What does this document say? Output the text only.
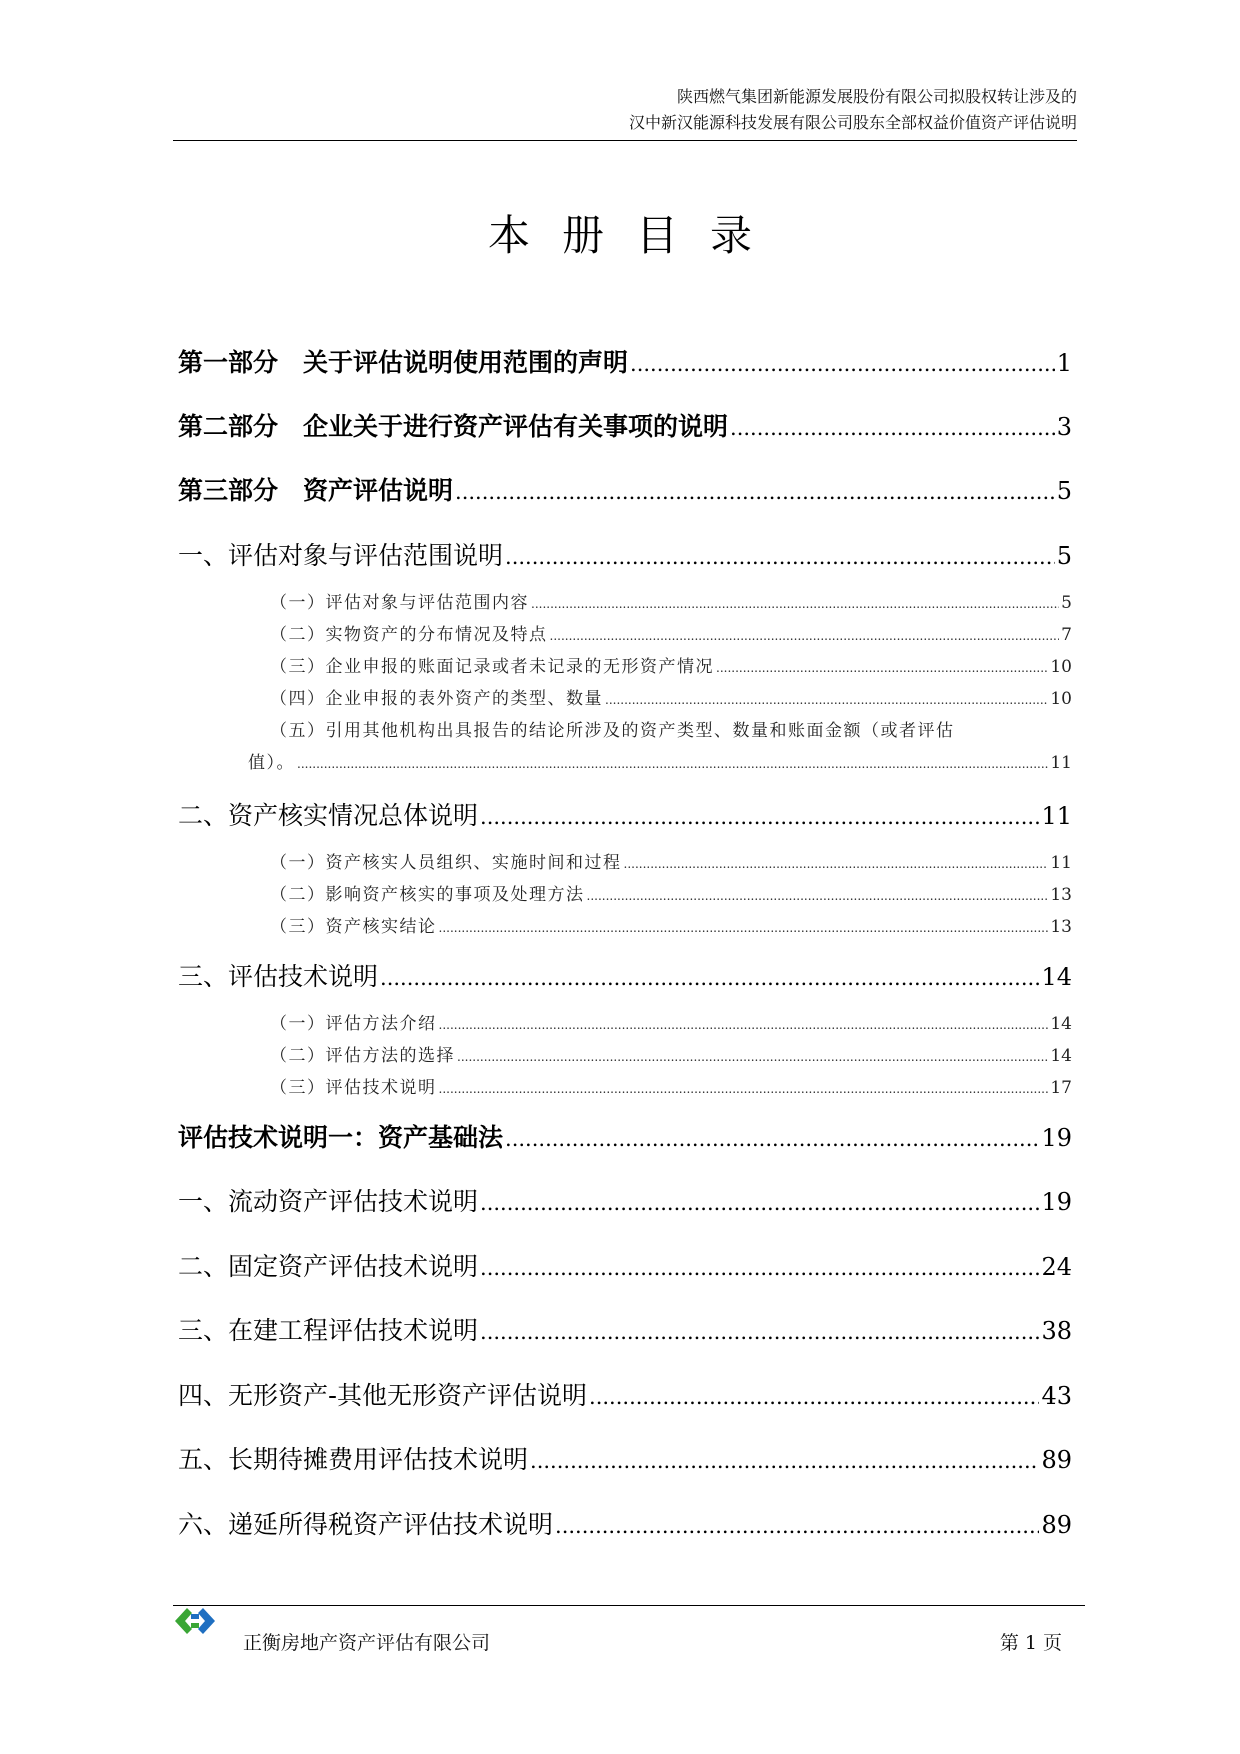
陕西燃气集团新能源发展股份有限公司拟股权转让涉及的
汉中新汉能源科技发展有限公司股东全部权益价值资产评估说明
本册目录
第一部分　关于评估说明使用范围的声明 .....	1
第二部分　企业关于进行资产评估有关事项的说明 .....	3
第三部分　资产评估说明 .....	5
一、评估对象与评估范围说明 .....	5
（一）评估对象与评估范围内容 .....	5
（二）实物资产的分布情况及特点 .....	7
（三）企业申报的账面记录或者未记录的无形资产情况 .....	10
（四）企业申报的表外资产的类型、数量 .....	10
（五）引用其他机构出具报告的结论所涉及的资产类型、数量和账面金额（或者评估
值）。 .....	11
二、资产核实情况总体说明 .....	11
（一）资产核实人员组织、实施时间和过程 .....	11
（二）影响资产核实的事项及处理方法 .....	13
（三）资产核实结论 .....	13
三、评估技术说明 .....	14
（一）评估方法介绍 .....	14
（二）评估方法的选择 .....	14
（三）评估技术说明 .....	17
评估技术说明一：资产基础法 .....	19
一、流动资产评估技术说明 .....	19
二、固定资产评估技术说明 .....	24
三、在建工程评估技术说明 .....	38
四、无形资产-其他无形资产评估说明 .....	43
五、长期待摊费用评估技术说明 .....	89
六、递延所得税资产评估技术说明 .....	89
正衡房地产资产评估有限公司	第 1 页
